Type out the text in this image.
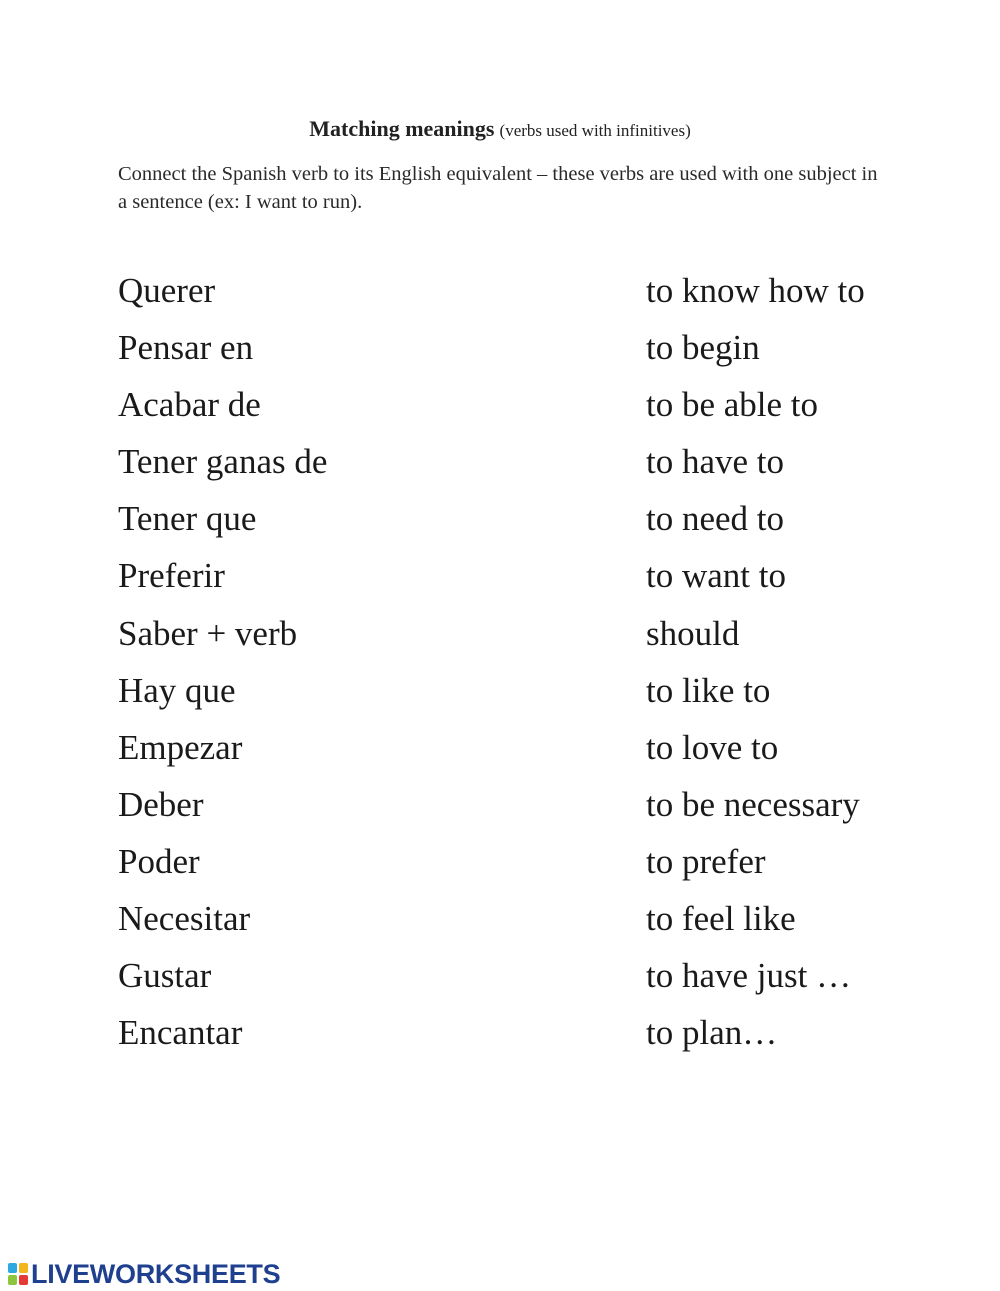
Matching meanings (verbs used with infinitives)
Connect the Spanish verb to its English equivalent – these verbs are used with one subject in a sentence (ex: I want to run).
Querer
Pensar en
Acabar de
Tener ganas de
Tener que
Preferir
Saber + verb
Hay que
Empezar
Deber
Poder
Necesitar
Gustar
Encantar
to know how to
to begin
to be able to
to have to
to need to
to want to
should
to like to
to love to
to be necessary
to prefer
to feel like
to have just …
to plan…
LIVEWORKSHEETS
